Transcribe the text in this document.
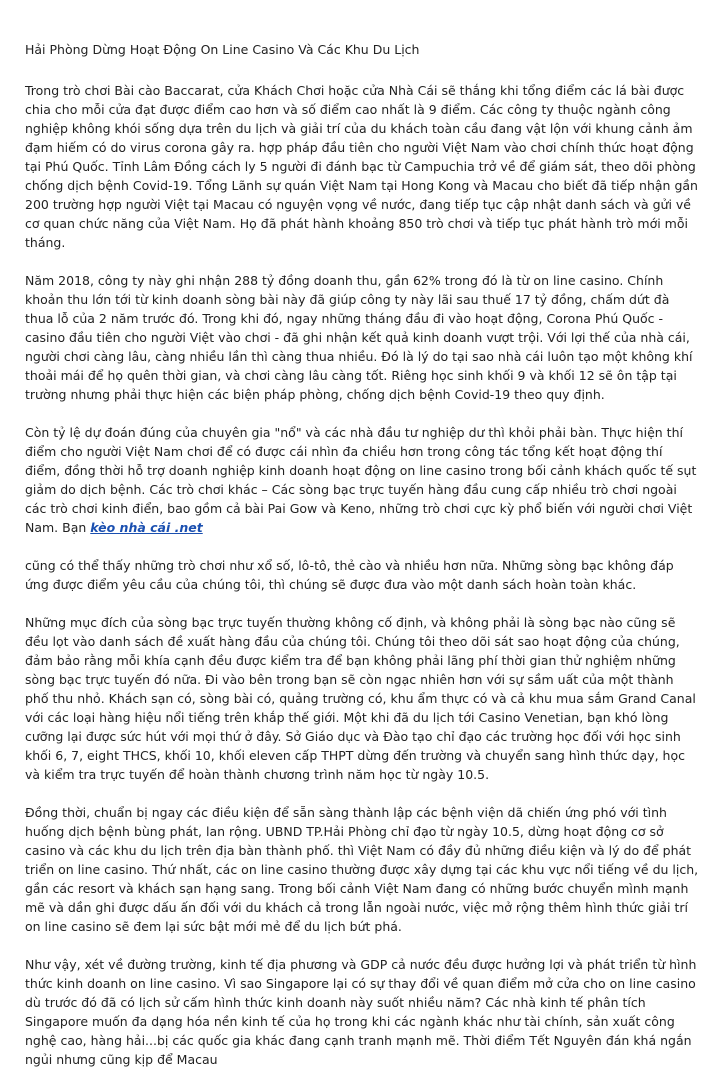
Hải Phòng Dừng Hoạt Động On Line Casino Và Các Khu Du Lịch

Trong trò chơi Bài cào Baccarat, cửa Khách Chơi hoặc cửa Nhà Cái sẽ thắng khi tổng điểm các lá bài được chia cho mỗi cửa đạt được điểm cao hơn và số điểm cao nhất là 9 điểm. Các công ty thuộc ngành công nghiệp không khói sống dựa trên du lịch và giải trí của du khách toàn cầu đang vật lộn với khung cảnh ảm đạm hiếm có do virus corona gây ra. hợp pháp đầu tiên cho người Việt Nam vào chơi chính thức hoạt động tại Phú Quốc. Tỉnh Lâm Đồng cách ly 5 người đi đánh bạc từ Campuchia trở về để giám sát, theo dõi phòng chống dịch bệnh Covid-19. Tổng Lãnh sự quán Việt Nam tại Hong Kong và Macau cho biết đã tiếp nhận gần 200 trường hợp người Việt tại Macau có nguyện vọng về nước, đang tiếp tục cập nhật danh sách và gửi về cơ quan chức năng của Việt Nam. Họ đã phát hành khoảng 850 trò chơi và tiếp tục phát hành trò mới mỗi tháng.

Năm 2018, công ty này ghi nhận 288 tỷ đồng doanh thu, gần 62% trong đó là từ on line casino. Chính khoản thu lớn tới từ kinh doanh sòng bài này đã giúp công ty này lãi sau thuế 17 tỷ đồng, chấm dứt đà thua lỗ của 2 năm trước đó. Trong khi đó, ngay những tháng đầu đi vào hoạt động, Corona Phú Quốc - casino đầu tiên cho người Việt vào chơi - đã ghi nhận kết quả kinh doanh vượt trội. Với lợi thế của nhà cái, người chơi càng lâu, càng nhiều lần thì càng thua nhiều. Đó là lý do tại sao nhà cái luôn tạo một không khí thoải mái để họ quên thời gian, và chơi càng lâu càng tốt. Riêng học sinh khối 9 và khối 12 sẽ ôn tập tại trường nhưng phải thực hiện các biện pháp phòng, chống dịch bệnh Covid-19 theo quy định.

Còn tỷ lệ dự đoán đúng của chuyên gia "nổ" và các nhà đầu tư nghiệp dư thì khỏi phải bàn. Thực hiện thí điểm cho người Việt Nam chơi để có được cái nhìn đa chiều hơn trong công tác tổng kết hoạt động thí điểm, đồng thời hỗ trợ doanh nghiệp kinh doanh hoạt động on line casino trong bối cảnh khách quốc tế sụt giảm do dịch bệnh. Các trò chơi khác – Các sòng bạc trực tuyến hàng đầu cung cấp nhiều trò chơi ngoài các trò chơi kinh điển, bao gồm cả bài Pai Gow và Keno, những trò chơi cực kỳ phổ biến với người chơi Việt Nam. Bạn kèo nhà cái .net

cũng có thể thấy những trò chơi như xổ số, lô-tô, thẻ cào và nhiều hơn nữa. Những sòng bạc không đáp ứng được điểm yêu cầu của chúng tôi, thì chúng sẽ được đưa vào một danh sách hoàn toàn khác.

Những mục đích của sòng bạc trực tuyến thường không cố định, và không phải là sòng bạc nào cũng sẽ đều lọt vào danh sách đề xuất hàng đầu của chúng tôi. Chúng tôi theo dõi sát sao hoạt động của chúng, đảm bảo rằng mỗi khía cạnh đều được kiểm tra để bạn không phải lãng phí thời gian thử nghiệm những sòng bạc trực tuyến đó nữa. Đi vào bên trong bạn sẽ còn ngạc nhiên hơn với sự sầm uất của một thành phố thu nhỏ. Khách sạn có, sòng bài có, quảng trường có, khu ẩm thực có và cả khu mua sắm Grand Canal với các loại hàng hiệu nổi tiếng trên khắp thế giới. Một khi đã du lịch tới Casino Venetian, bạn khó lòng cưỡng lại được sức hút với mọi thứ ở đây. Sở Giáo dục và Đào tạo chỉ đạo các trường học đối với học sinh khối 6, 7, eight THCS, khối 10, khối eleven cấp THPT dừng đến trường và chuyển sang hình thức dạy, học và kiểm tra trực tuyến để hoàn thành chương trình năm học từ ngày 10.5.

Đồng thời, chuẩn bị ngay các điều kiện để sẵn sàng thành lập các bệnh viện dã chiến ứng phó với tình huống dịch bệnh bùng phát, lan rộng. UBND TP.Hải Phòng chỉ đạo từ ngày 10.5, dừng hoạt động cơ sở casino và các khu du lịch trên địa bàn thành phố. thì Việt Nam có đầy đủ những điều kiện và lý do để phát triển on line casino. Thứ nhất, các on line casino thường được xây dựng tại các khu vực nổi tiếng về du lịch, gần các resort và khách sạn hạng sang. Trong bối cảnh Việt Nam đang có những bước chuyển mình mạnh mẽ và dần ghi được dấu ấn đối với du khách cả trong lẫn ngoài nước, việc mở rộng thêm hình thức giải trí on line casino sẽ đem lại sức bật mới mẻ để du lịch bứt phá.

Như vậy, xét về đường trường, kinh tế địa phương và GDP cả nước đều được hưởng lợi và phát triển từ hình thức kinh doanh on line casino. Vì sao Singapore lại có sự thay đổi về quan điểm mở cửa cho on line casino dù trước đó đã có lịch sử cấm hình thức kinh doanh này suốt nhiều năm? Các nhà kinh tế phân tích Singapore muốn đa dạng hóa nền kinh tế của họ trong khi các ngành khác như tài chính, sản xuất công nghệ cao, hàng hải...bị các quốc gia khác đang cạnh tranh mạnh mẽ. Thời điểm Tết Nguyên đán khá ngắn ngủi nhưng cũng kịp để Macau
